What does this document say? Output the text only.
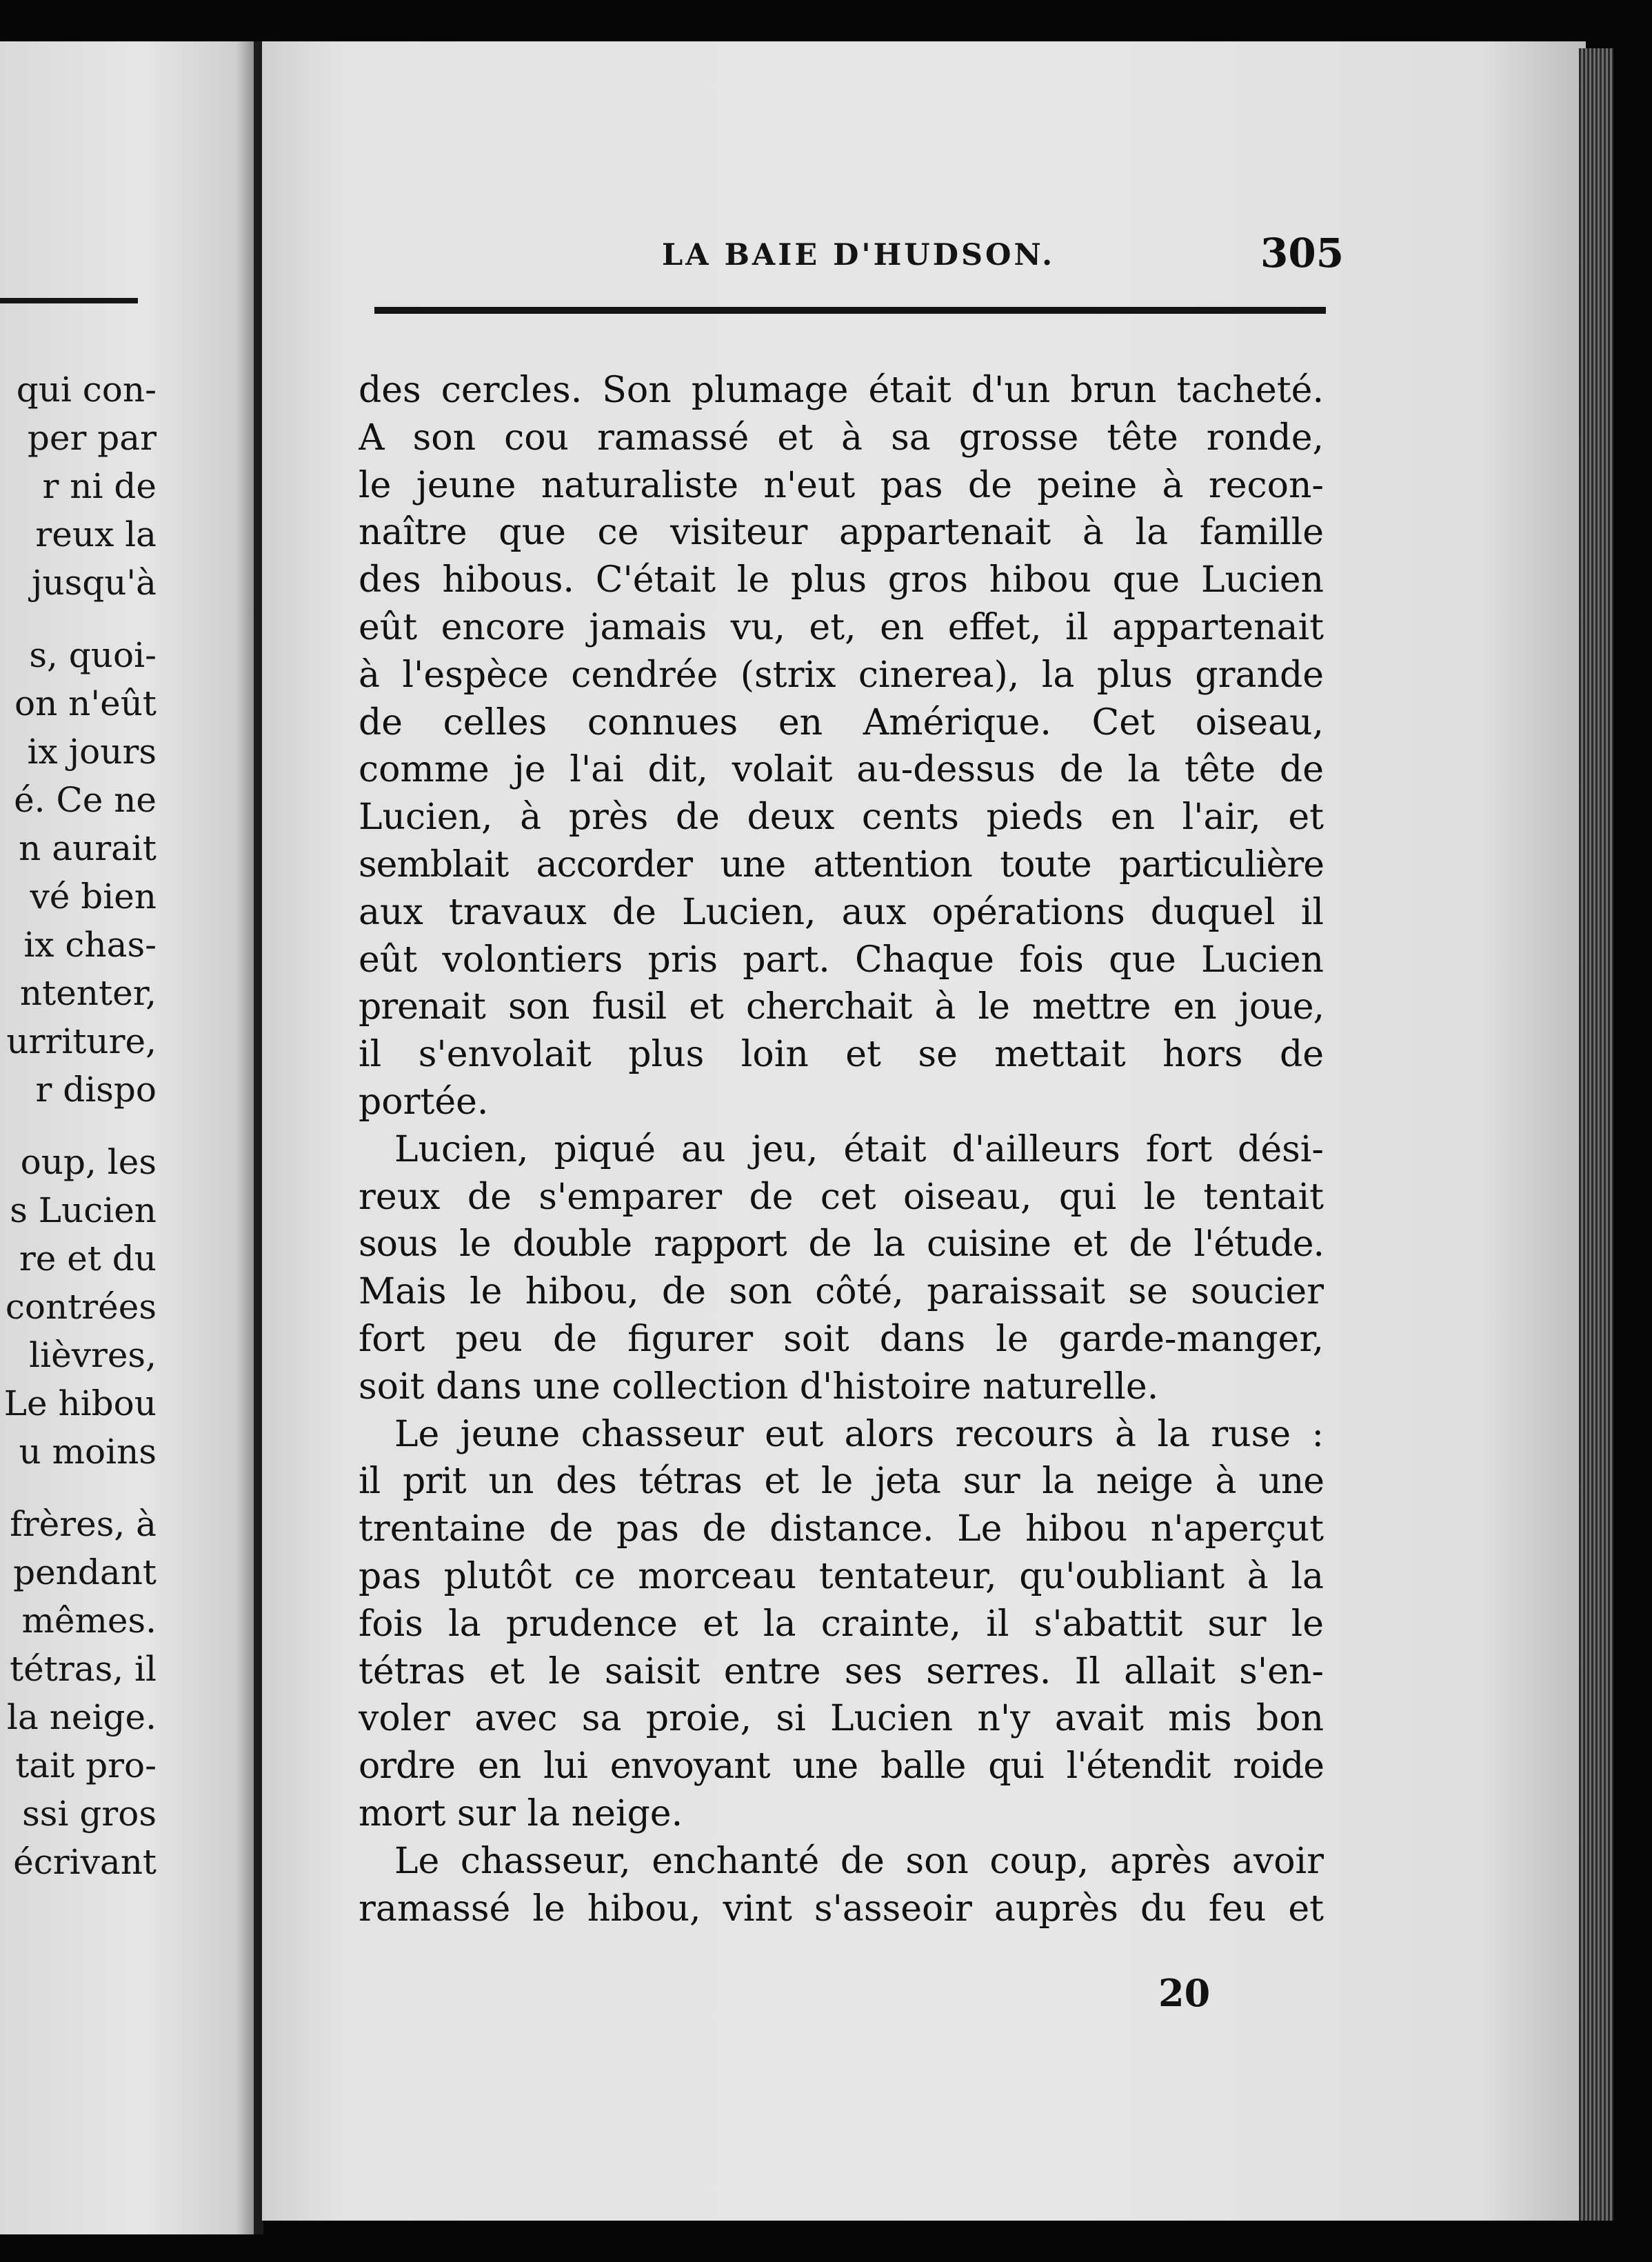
qui con-
per par
r ni de
reux la
jusqu'à
s, quoi-
on n'eût
ix jours
é. Ce ne
n aurait
vé bien
ix chas-
ntenter,
urriture,
r dispo
oup, les
s Lucien
re et du
contrées
lièvres,
Le hibou
u moins
frères, à
pendant
mêmes.
tétras, il
la neige.
tait pro-
ssi gros
écrivant
LA BAIE D'HUDSON.	305
des cercles. Son plumage était d'un brun tacheté.
A son cou ramassé et à sa grosse tête ronde,
le jeune naturaliste n'eut pas de peine à recon-
naître que ce visiteur appartenait à la famille
des hibous. C'était le plus gros hibou que Lucien
eût encore jamais vu, et, en effet, il appartenait
à l'espèce cendrée (strix cinerea), la plus grande
de celles connues en Amérique. Cet oiseau,
comme je l'ai dit, volait au-dessus de la tête de
Lucien, à près de deux cents pieds en l'air, et
semblait accorder une attention toute particulière
aux travaux de Lucien, aux opérations duquel il
eût volontiers pris part. Chaque fois que Lucien
prenait son fusil et cherchait à le mettre en joue,
il s'envolait plus loin et se mettait hors de
portée.
Lucien, piqué au jeu, était d'ailleurs fort dési-
reux de s'emparer de cet oiseau, qui le tentait
sous le double rapport de la cuisine et de l'étude.
Mais le hibou, de son côté, paraissait se soucier
fort peu de figurer soit dans le garde-manger,
soit dans une collection d'histoire naturelle.
Le jeune chasseur eut alors recours à la ruse :
il prit un des tétras et le jeta sur la neige à une
trentaine de pas de distance. Le hibou n'aperçut
pas plutôt ce morceau tentateur, qu'oubliant à la
fois la prudence et la crainte, il s'abattit sur le
tétras et le saisit entre ses serres. Il allait s'en-
voler avec sa proie, si Lucien n'y avait mis bon
ordre en lui envoyant une balle qui l'étendit roide
mort sur la neige.
Le chasseur, enchanté de son coup, après avoir
ramassé le hibou, vint s'asseoir auprès du feu et
20
